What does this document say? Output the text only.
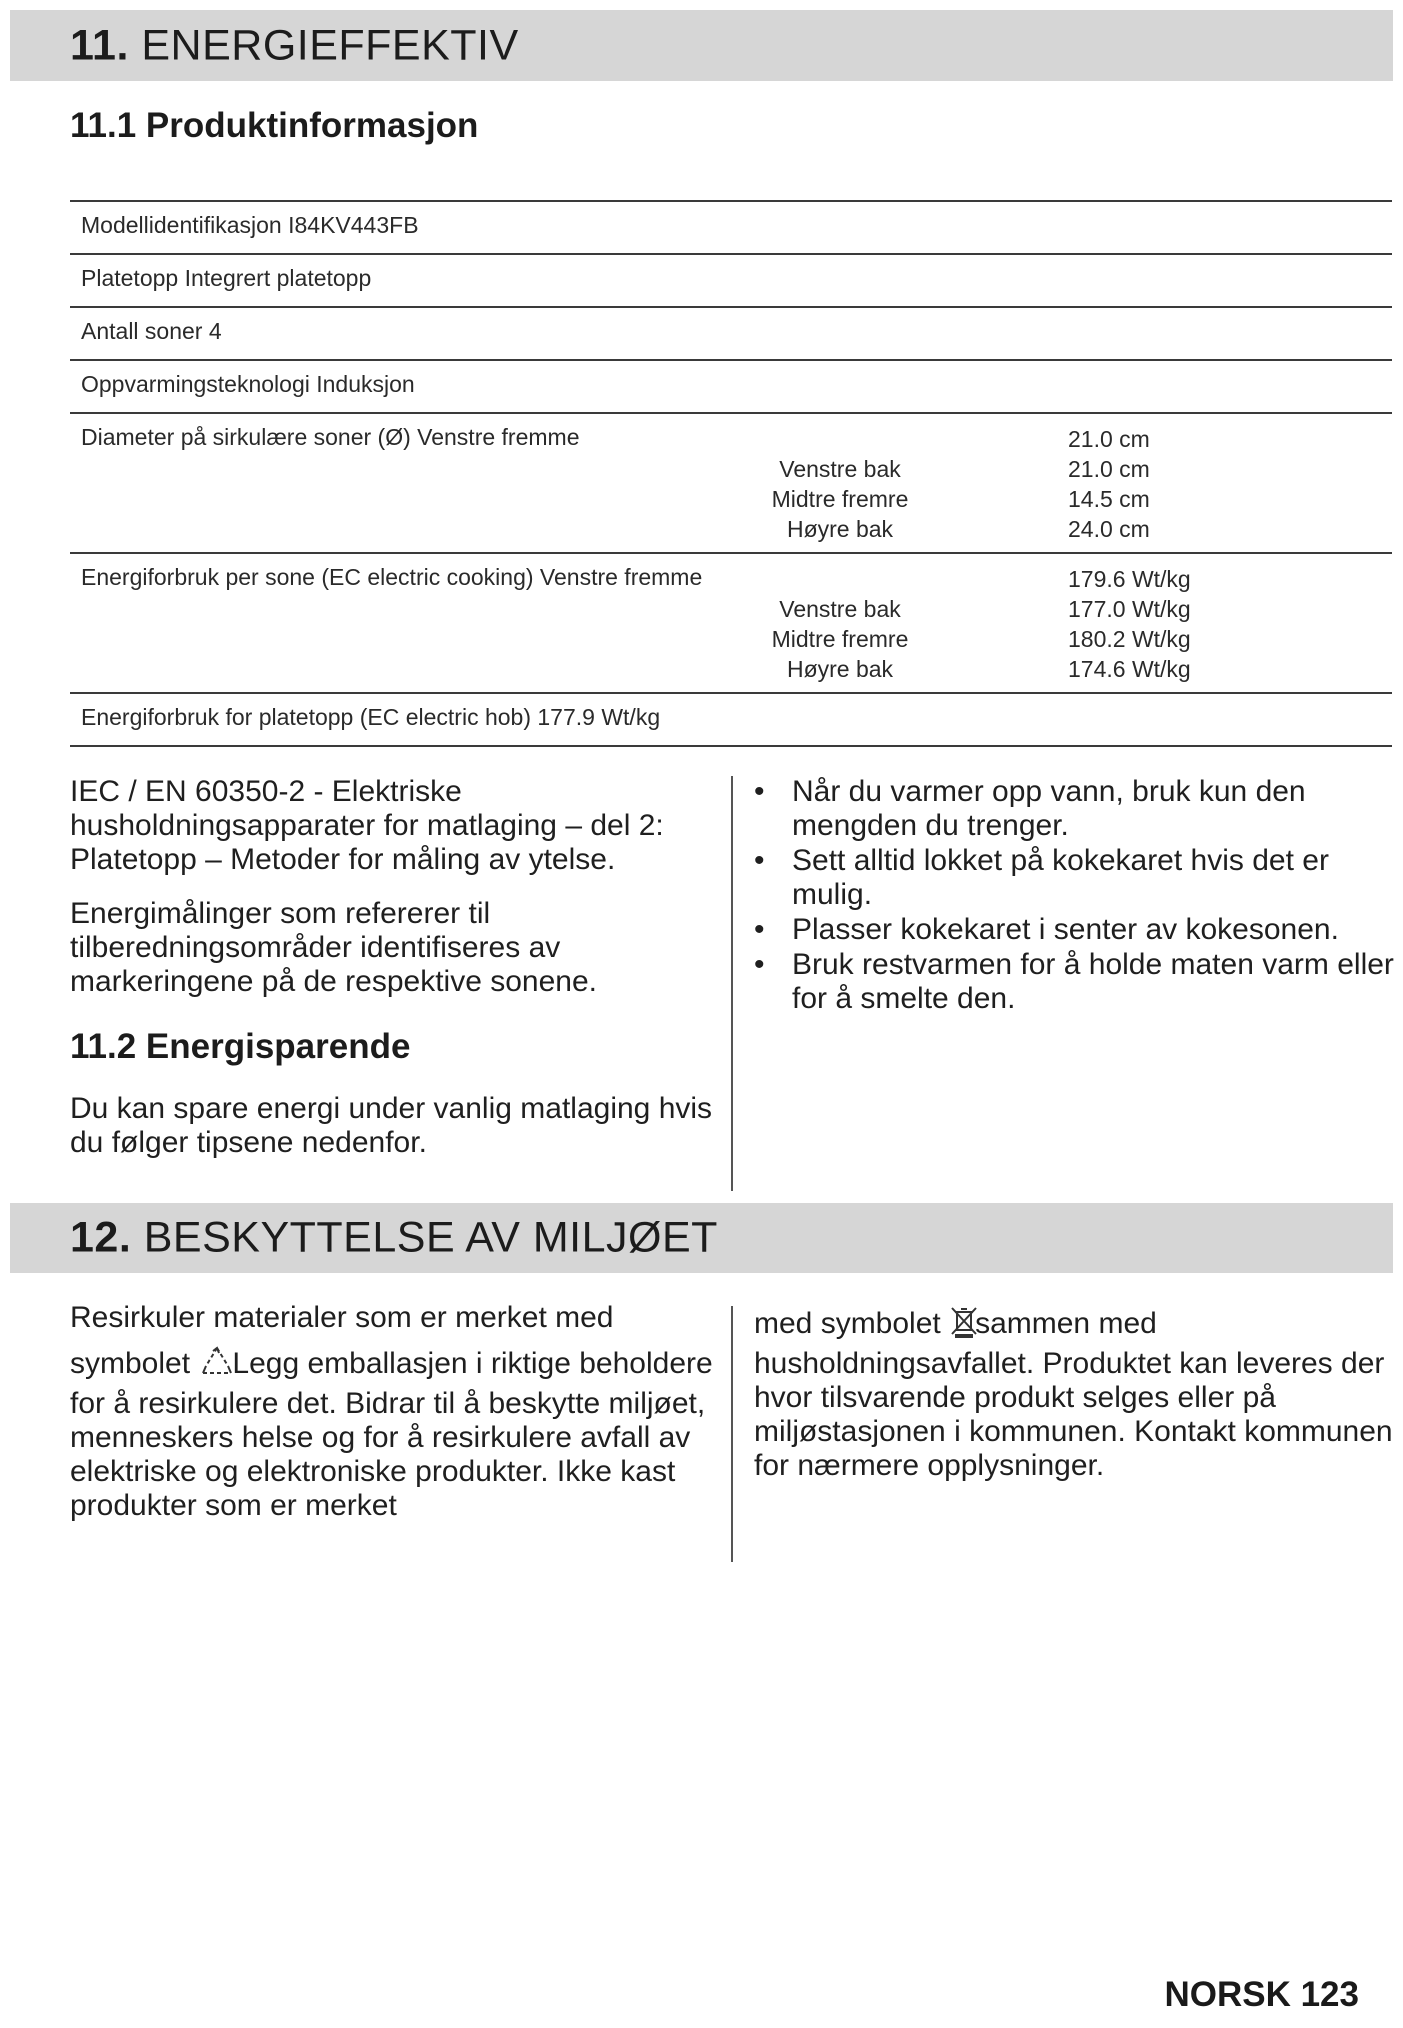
11. ENERGIEFFEKTIV
11.1 Produktinformasjon
Modellidentifikasjon I84KV443FB
Platetopp Integrert platetopp
Antall soner 4
Oppvarmingsteknologi Induksjon
Diameter på sirkulære soner (Ø) Venstre fremme
Venstre bak
Midtre fremre
Høyre bak
21.0 cm
21.0 cm
14.5 cm
24.0 cm
Energiforbruk per sone (EC electric cooking) Venstre fremme
Venstre bak
Midtre fremre
Høyre bak
179.6 Wt/kg
177.0 Wt/kg
180.2 Wt/kg
174.6 Wt/kg
Energiforbruk for platetopp (EC electric hob) 177.9 Wt/kg

IEC / EN 60350-2 - Elektriske husholdningsapparater for matlaging – del 2: Platetopp – Metoder for måling av ytelse.

Energimålinger som refererer til tilberedningsområder identifiseres av markeringene på de respektive sonene.

11.2 Energisparende

Du kan spare energi under vanlig matlaging hvis du følger tipsene nedenfor.

• Når du varmer opp vann, bruk kun den mengden du trenger.
• Sett alltid lokket på kokekaret hvis det er mulig.
• Plasser kokekaret i senter av kokesonen.
• Bruk restvarmen for å holde maten varm eller for å smelte den.
12. BESKYTTELSE AV MILJØET

Resirkuler materialer som er merket med

symbolet Legg emballasjen i riktige beholdere for å resirkulere det. Bidrar til å beskytte miljøet, menneskers helse og for å resirkulere avfall av elektriske og elektroniske produkter. Ikke kast produkter som er merket

med symbolet sammen med husholdningsavfallet. Produktet kan leveres der hvor tilsvarende produkt selges eller på miljøstasjonen i kommunen. Kontakt kommunen for nærmere opplysninger.

NORSK 123
